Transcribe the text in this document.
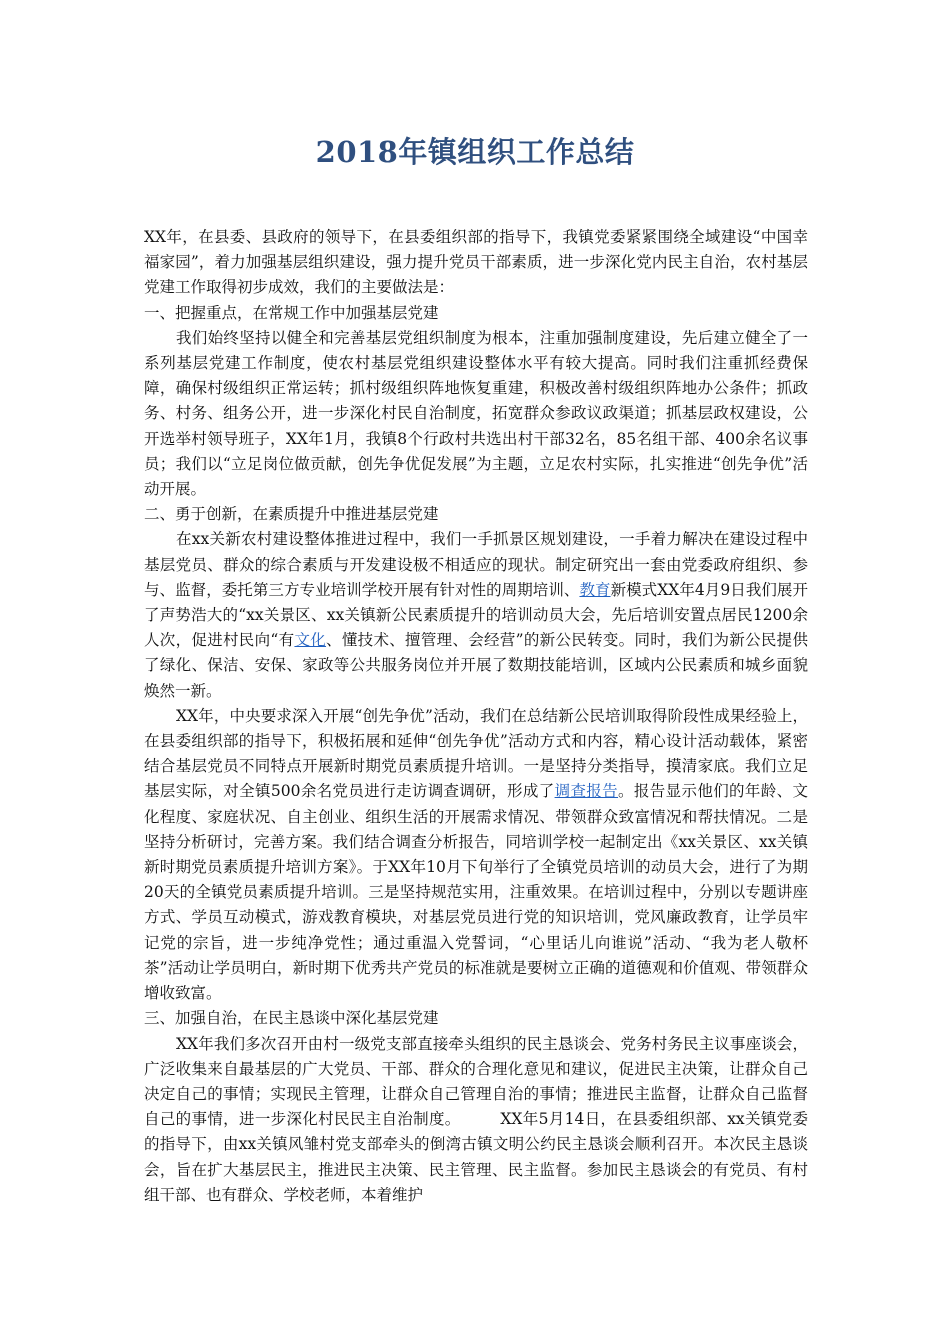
2018年镇组织工作总结

XX年，在县委、县政府的领导下，在县委组织部的指导下，我镇党委紧紧围绕全域建设“中国幸福家园”，着力加强基层组织建设，强力提升党员干部素质，进一步深化党内民主自治，农村基层党建工作取得初步成效，我们的主要做法是：

一、把握重点，在常规工作中加强基层党建

我们始终坚持以健全和完善基层党组织制度为根本，注重加强制度建设，先后建立健全了一系列基层党建工作制度，使农村基层党组织建设整体水平有较大提高。同时我们注重抓经费保障，确保村级组织正常运转；抓村级组织阵地恢复重建，积极改善村级组织阵地办公条件；抓政务、村务、组务公开，进一步深化村民自治制度，拓宽群众参政议政渠道；抓基层政权建设，公开选举村领导班子，XX年1月，我镇8个行政村共选出村干部32名，85名组干部、400余名议事员；我们以“立足岗位做贡献，创先争优促发展”为主题，立足农村实际，扎实推进“创先争优”活动开展。

二、勇于创新，在素质提升中推进基层党建

在xx关新农村建设整体推进过程中，我们一手抓景区规划建设，一手着力解决在建设过程中基层党员、群众的综合素质与开发建设极不相适应的现状。制定研究出一套由党委政府组织、参与、监督，委托第三方专业培训学校开展有针对性的周期培训、教育新模式XX年4月9日我们展开了声势浩大的“xx关景区、xx关镇新公民素质提升的培训动员大会，先后培训安置点居民1200余人次，促进村民向“有文化、懂技术、擅管理、会经营”的新公民转变。同时，我们为新公民提供了绿化、保洁、安保、家政等公共服务岗位并开展了数期技能培训，区域内公民素质和城乡面貌焕然一新。

XX年，中央要求深入开展“创先争优”活动，我们在总结新公民培训取得阶段性成果经验上，在县委组织部的指导下，积极拓展和延伸“创先争优”活动方式和内容，精心设计活动载体，紧密结合基层党员不同特点开展新时期党员素质提升培训。一是坚持分类指导，摸清家底。我们立足基层实际，对全镇500余名党员进行走访调查调研，形成了调查报告。报告显示他们的年龄、文化程度、家庭状况、自主创业、组织生活的开展需求情况、带领群众致富情况和帮扶情况。二是坚持分析研讨，完善方案。我们结合调查分析报告，同培训学校一起制定出《xx关景区、xx关镇新时期党员素质提升培训方案》。于XX年10月下旬举行了全镇党员培训的动员大会，进行了为期20天的全镇党员素质提升培训。三是坚持规范实用，注重效果。在培训过程中，分别以专题讲座方式、学员互动模式，游戏教育模块，对基层党员进行党的知识培训，党风廉政教育，让学员牢记党的宗旨，进一步纯净党性；通过重温入党誓词，“心里话儿向谁说”活动、“我为老人敬杯茶”活动让学员明白，新时期下优秀共产党员的标准就是要树立正确的道德观和价值观、带领群众增收致富。

三、加强自治，在民主恳谈中深化基层党建

XX年我们多次召开由村一级党支部直接牵头组织的民主恳谈会、党务村务民主议事座谈会，广泛收集来自最基层的广大党员、干部、群众的合理化意见和建议，促进民主决策，让群众自己决定自己的事情；实现民主管理，让群众自己管理自治的事情；推进民主监督，让群众自己监督自己的事情，进一步深化村民民主自治制度。　　　XX年5月14日，在县委组织部、xx关镇党委的指导下，由xx关镇风雏村党支部牵头的倒湾古镇文明公约民主恳谈会顺利召开。本次民主恳谈会，旨在扩大基层民主，推进民主决策、民主管理、民主监督。参加民主恳谈会的有党员、有村组干部、也有群众、学校老师，本着维护
